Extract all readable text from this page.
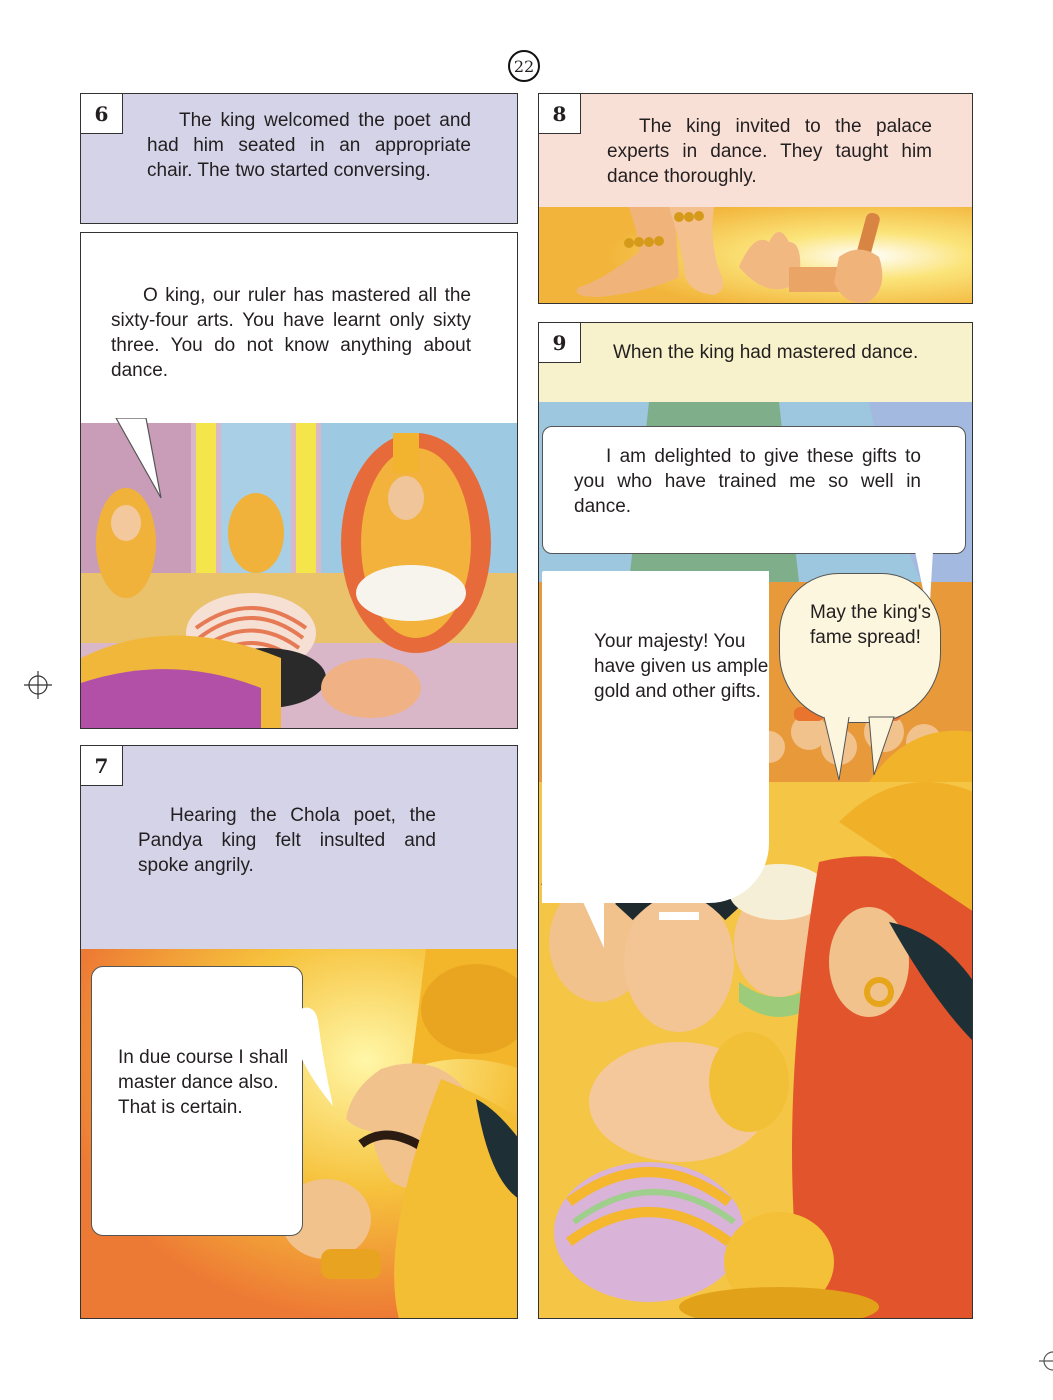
22
6	The king welcomed the poet and had him seated in an appropriate chair. The two started conversing.
O king, our ruler has mastered all the sixty-four arts. You have learnt only sixty three. You do not know anything about dance.
7
Hearing the Chola poet, the Pandya king felt insulted and spoke angrily.
In due course I shall master dance also. That is certain.
8
The king invited to the palace experts in dance. They taught him dance thoroughly.
9	When the king had mastered dance.
I am delighted to give these gifts to you who have trained me so well in dance.
Your majesty! You have given us ample gold and other gifts.
May the king's fame spread!
